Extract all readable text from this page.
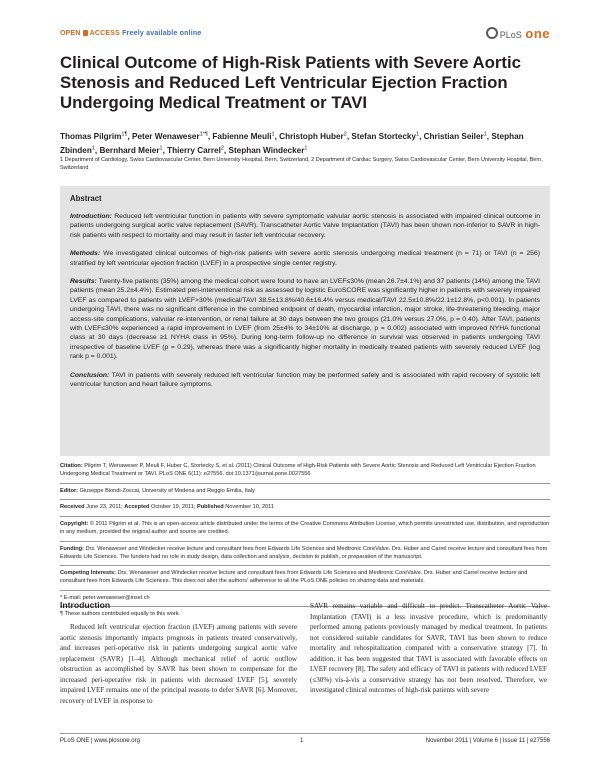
OPEN ACCESS Freely available online	PLoS one
Clinical Outcome of High-Risk Patients with Severe Aortic Stenosis and Reduced Left Ventricular Ejection Fraction Undergoing Medical Treatment or TAVI

Thomas Pilgrim$^{1\P}$, Peter Wenaweser$^{1*\P}$, Fabienne Meuli$^1$, Christoph Huber$^2$, Stefan Stortecky$^1$, Christian Seiler$^1$, Stephan Zbinden$^1$, Bernhard Meier$^1$, Thierry Carrel$^2$, Stephan Windecker$^1$

1 Department of Cardiology, Swiss Cardiovascular Center, Bern University Hospital, Bern, Switzerland, 2 Department of Cardiac Surgery, Swiss Cardiovascular Center, Bern University Hospital, Bern, Switzerland

Abstract

Introduction: Reduced left ventricular function in patients with severe symptomatic valvular aortic stenosis is associated with impaired clinical outcome in patients undergoing surgical aortic valve replacement (SAVR). Transcatheter Aortic Valve Implantation (TAVI) has been shown non-inferior to SAVR in high-risk patients with respect to mortality and may result in faster left ventricular recovery.

Methods: We investigated clinical outcomes of high-risk patients with severe aortic stenosis undergoing medical treatment (n = 71) or TAVI (n = 256) stratified by left ventricular ejection fraction (LVEF) in a prospective single center registry.

Results: Twenty-five patients (35%) among the medical cohort were found to have an LVEF≤30% (mean 26.7±4.1%) and 37 patients (14%) among the TAVI patients (mean 25.2±4.4%). Estimated peri-interventional risk as assessed by logistic EuroSCORE was significantly higher in patients with severely impaired LVEF as compared to patients with LVEF>30% (medical/TAVI 38.5±13.8%/40.6±16.4% versus medical/TAVI 22.5±10.8%/22.1±12.8%, p<0.001). In patients undergoing TAVI, there was no significant difference in the combined endpoint of death, myocardial infarction, major stroke, life-threatening bleeding, major access-site complications, valvular re-intervention, or renal failure at 30 days between the two groups (21.0% versus 27.0%, p = 0.40). After TAVI, patients with LVEF≤30% experienced a rapid improvement in LVEF (from 25±4% to 34±10% at discharge, p = 0.002) associated with improved NYHA functional class at 30 days (decrease ≥1 NYHA class in 95%). During long-term follow-up no difference in survival was observed in patients undergoing TAVI irrespective of baseline LVEF (p = 0.29), whereas there was a significantly higher mortality in medically treated patients with severely reduced LVEF (log rank p = 0.001).

Conclusion: TAVI in patients with severely reduced left ventricular function may be performed safely and is associated with rapid recovery of systolic left ventricular function and heart failure symptoms.

Citation: Pilgrim T, Wenaweser P, Meuli F, Huber C, Stortecky S, et al. (2011) Clinical Outcome of High-Risk Patients with Severe Aortic Stenosis and Reduced Left Ventricular Ejection Fraction Undergoing Medical Treatment or TAVI. PLoS ONE 6(11): e27556. doi:10.1371/journal.pone.0027556

Editor: Giuseppe Biondi-Zoccai, University of Modena and Reggio Emilia, Italy

Received June 23, 2011; Accepted October 19, 2011; Published November 10, 2011

Copyright: © 2011 Pilgrim et al. This is an open-access article distributed under the terms of the Creative Commons Attribution License, which permits unrestricted use, distribution, and reproduction in any medium, provided the original author and source are credited.

Funding: Drs. Wenaweser and Windecker receive lecture and consultant fees from Edwards Life Sciences and Medtronic CoreValve. Drs. Huber and Carrel receive lecture and consultant fees from Edwards Life Sciences. The funders had no role in study design, data collection and analysis, decision to publish, or preparation of the manuscript.

Competing Interests: Drs. Wenaweser and Windecker receive lecture and consultant fees from Edwards Life Sciences and Medtronic CoreValve. Drs. Huber and Carrel receive lecture and consultant fees from Edwards Life Sciences. This does not alter the authors' adherence to all the PLoS ONE policies on sharing data and materials.

* E-mail: peter.wenaweser@insel.ch

¶ These authors contributed equally to this work.

Introduction

Reduced left ventricular ejection fraction (LVEF) among patients with severe aortic stenosis importantly impacts prognosis in patients treated conservatively, and increases peri-operative risk in patients undergoing surgical aortic valve replacement (SAVR) [1–4]. Although mechanical relief of aortic outflow obstruction as accomplished by SAVR has been shown to compensate for the increased peri-operative risk in patients with decreased LVEF [5], severely impaired LVEF remains one of the principal reasons to defer SAVR [6]. Moreover, recovery of LVEF in response to

SAVR remains variable and difficult to predict. Transcatheter Aortic Valve Implantation (TAVI) is a less invasive procedure, which is predominantly performed among patients previously managed by medical treatment. In patients not considered suitable candidates for SAVR, TAVI has been shown to reduce mortality and rehospitalization compared with a conservative strategy [7]. In addition, it has been suggested that TAVI is associated with favorable effects on LVEF recovery [8]. The safety and efficacy of TAVI in patients with reduced LVEF (≤30%) vis-à-vis a conservative strategy has not been resolved. Therefore, we investigated clinical outcomes of high-risk patients with severe

PLoS ONE | www.plosone.org	1	November 2011 | Volume 6 | Issue 11 | e27556
